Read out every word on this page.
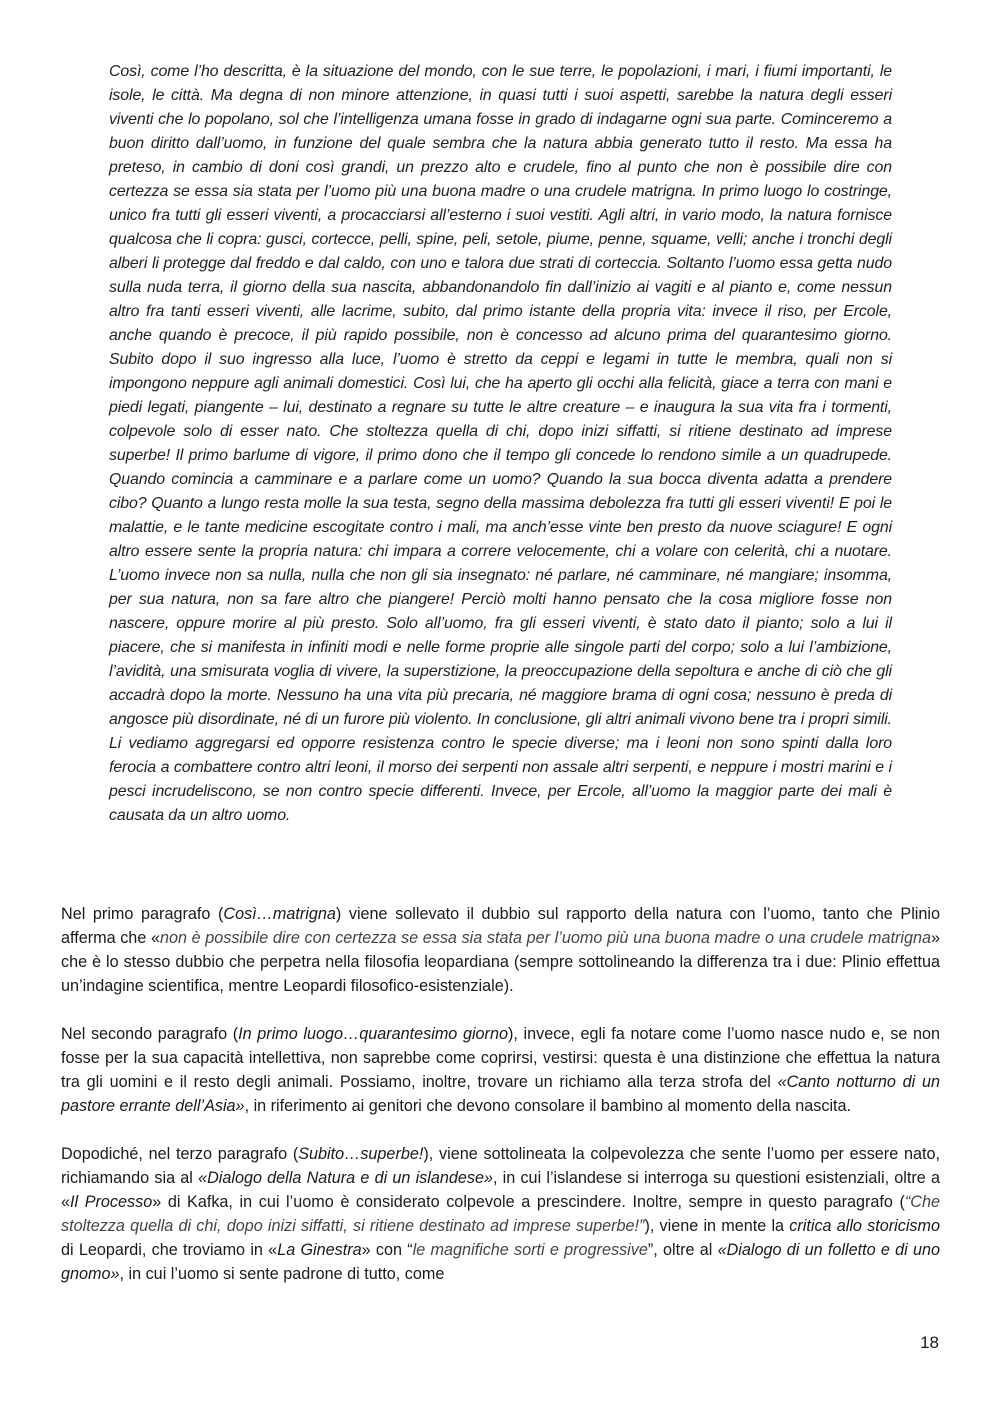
Così, come l’ho descritta, è la situazione del mondo, con le sue terre, le popolazioni, i mari, i fiumi importanti, le isole, le città. Ma degna di non minore attenzione, in quasi tutti i suoi aspetti, sarebbe la natura degli esseri viventi che lo popolano, sol che l’intelligenza umana fosse in grado di indagarne ogni sua parte. Cominceremo a buon diritto dall’uomo, in funzione del quale sembra che la natura abbia generato tutto il resto. Ma essa ha preteso, in cambio di doni così grandi, un prezzo alto e crudele, fino al punto che non è possibile dire con certezza se essa sia stata per l’uomo più una buona madre o una crudele matrigna. In primo luogo lo costringe, unico fra tutti gli esseri viventi, a procacciarsi all’esterno i suoi vestiti. Agli altri, in vario modo, la natura fornisce qualcosa che li copra: gusci, cortecce, pelli, spine, peli, setole, piume, penne, squame, velli; anche i tronchi degli alberi li protegge dal freddo e dal caldo, con uno e talora due strati di corteccia. Soltanto l’uomo essa getta nudo sulla nuda terra, il giorno della sua nascita, abbandonandolo fin dall’inizio ai vagiti e al pianto e, come nessun altro fra tanti esseri viventi, alle lacrime, subito, dal primo istante della propria vita: invece il riso, per Ercole, anche quando è precoce, il più rapido possibile, non è concesso ad alcuno prima del quarantesimo giorno. Subito dopo il suo ingresso alla luce, l’uomo è stretto da ceppi e legami in tutte le membra, quali non si impongono neppure agli animali domestici. Così lui, che ha aperto gli occhi alla felicità, giace a terra con mani e piedi legati, piangente – lui, destinato a regnare su tutte le altre creature – e inaugura la sua vita fra i tormenti, colpevole solo di esser nato. Che stoltezza quella di chi, dopo inizi siffatti, si ritiene destinato ad imprese superbe! Il primo barlume di vigore, il primo dono che il tempo gli concede lo rendono simile a un quadrupede. Quando comincia a camminare e a parlare come un uomo? Quando la sua bocca diventa adatta a prendere cibo? Quanto a lungo resta molle la sua testa, segno della massima debolezza fra tutti gli esseri viventi! E poi le malattie, e le tante medicine escogitate contro i mali, ma anch’esse vinte ben presto da nuove sciagure! E ogni altro essere sente la propria natura: chi impara a correre velocemente, chi a volare con celerità, chi a nuotare. L’uomo invece non sa nulla, nulla che non gli sia insegnato: né parlare, né camminare, né mangiare; insomma, per sua natura, non sa fare altro che piangere! Perciò molti hanno pensato che la cosa migliore fosse non nascere, oppure morire al più presto. Solo all’uomo, fra gli esseri viventi, è stato dato il pianto; solo a lui il piacere, che si manifesta in infiniti modi e nelle forme proprie alle singole parti del corpo; solo a lui l’ambizione, l’avidità, una smisurata voglia di vivere, la superstizione, la preoccupazione della sepoltura e anche di ciò che gli accadrà dopo la morte. Nessuno ha una vita più precaria, né maggiore brama di ogni cosa; nessuno è preda di angosce più disordinate, né di un furore più violento. In conclusione, gli altri animali vivono bene tra i propri simili. Li vediamo aggregarsi ed opporre resistenza contro le specie diverse; ma i leoni non sono spinti dalla loro ferocia a combattere contro altri leoni, il morso dei serpenti non assale altri serpenti, e neppure i mostri marini e i pesci incrudeliscono, se non contro specie differenti. Invece, per Ercole, all’uomo la maggior parte dei mali è causata da un altro uomo.

Nel primo paragrafo (Così…matrigna) viene sollevato il dubbio sul rapporto della natura con l’uomo, tanto che Plinio afferma che «non è possibile dire con certezza se essa sia stata per l’uomo più una buona madre o una crudele matrigna» che è lo stesso dubbio che perpetra nella filosofia leopardiana (sempre sottolineando la differenza tra i due: Plinio effettua un’indagine scientifica, mentre Leopardi filosofico-esistenziale).

Nel secondo paragrafo (In primo luogo…quarantesimo giorno), invece, egli fa notare come l’uomo nasce nudo e, se non fosse per la sua capacità intellettiva, non saprebbe come coprirsi, vestirsi: questa è una distinzione che effettua la natura tra gli uomini e il resto degli animali. Possiamo, inoltre, trovare un richiamo alla terza strofa del «Canto notturno di un pastore errante dell’Asia», in riferimento ai genitori che devono consolare il bambino al momento della nascita.

Dopodiché, nel terzo paragrafo (Subito…superbe!), viene sottolineata la colpevolezza che sente l’uomo per essere nato, richiamando sia al «Dialogo della Natura e di un islandese», in cui l’islandese si interroga su questioni esistenziali, oltre a «Il Processo» di Kafka, in cui l’uomo è considerato colpevole a prescindere. Inoltre, sempre in questo paragrafo (“Che stoltezza quella di chi, dopo inizi siffatti, si ritiene destinato ad imprese superbe!”), viene in mente la critica allo storicismo di Leopardi, che troviamo in «La Ginestra» con “le magnifiche sorti e progressive”, oltre al «Dialogo di un folletto e di uno gnomo», in cui l’uomo si sente padrone di tutto, come

18
